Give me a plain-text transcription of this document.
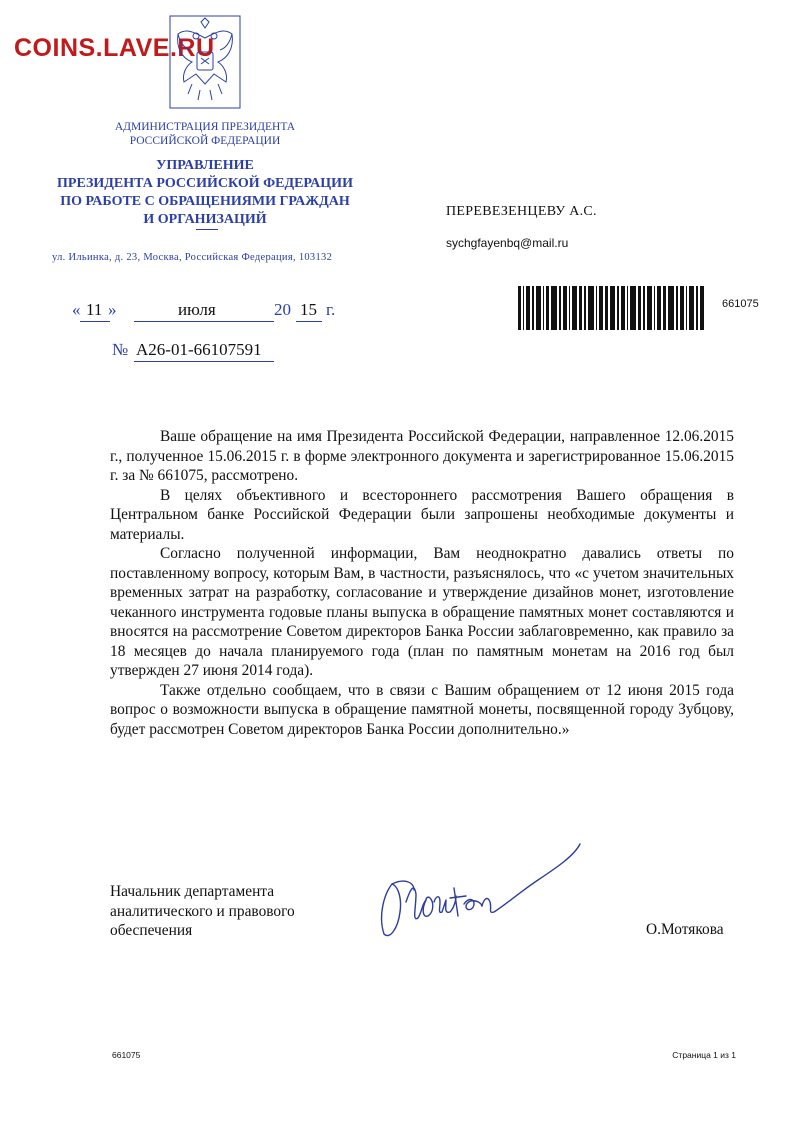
COINS.LAVE.RU
АДМИНИСТРАЦИЯ ПРЕЗИДЕНТА
РОССИЙСКОЙ ФЕДЕРАЦИИ
УПРАВЛЕНИЕ
ПРЕЗИДЕНТА РОССИЙСКОЙ ФЕДЕРАЦИИ
ПО РАБОТЕ С ОБРАЩЕНИЯМИ ГРАЖДАН
И ОРГАНИЗАЦИЙ
ул. Ильинка, д. 23, Москва, Российская Федерация, 103132
« 11 »	июля	20 15 г.
№ А26-01-66107591
ПЕРЕВЕЗЕНЦЕВУ А.С.
sychgfayenbq@mail.ru
661075

Ваше обращение на имя Президента Российской Федерации, направленное 12.06.2015 г., полученное 15.06.2015 г. в форме электронного документа и зарегистрированное 15.06.2015 г. за № 661075, рассмотрено.

В целях объективного и всестороннего рассмотрения Вашего обращения в Центральном банке Российской Федерации были запрошены необходимые документы и материалы.

Согласно полученной информации, Вам неоднократно давались ответы по поставленному вопросу, которым Вам, в частности, разъяснялось, что «с учетом значительных временных затрат на разработку, согласование и утверждение дизайнов монет, изготовление чеканного инструмента годовые планы выпуска в обращение памятных монет составляются и вносятся на рассмотрение Советом директоров Банка России заблаговременно, как правило за 18 месяцев до начала планируемого года (план по памятным монетам на 2016 год был утвержден 27 июня 2014 года).

Также отдельно сообщаем, что в связи с Вашим обращением от 12 июня 2015 года вопрос о возможности выпуска в обращение памятной монеты, посвященной городу Зубцову, будет рассмотрен Советом директоров Банка России дополнительно.»

Начальник департамента
аналитического и правового
обеспечения	О.Мотякова
661075	Страница 1 из 1
